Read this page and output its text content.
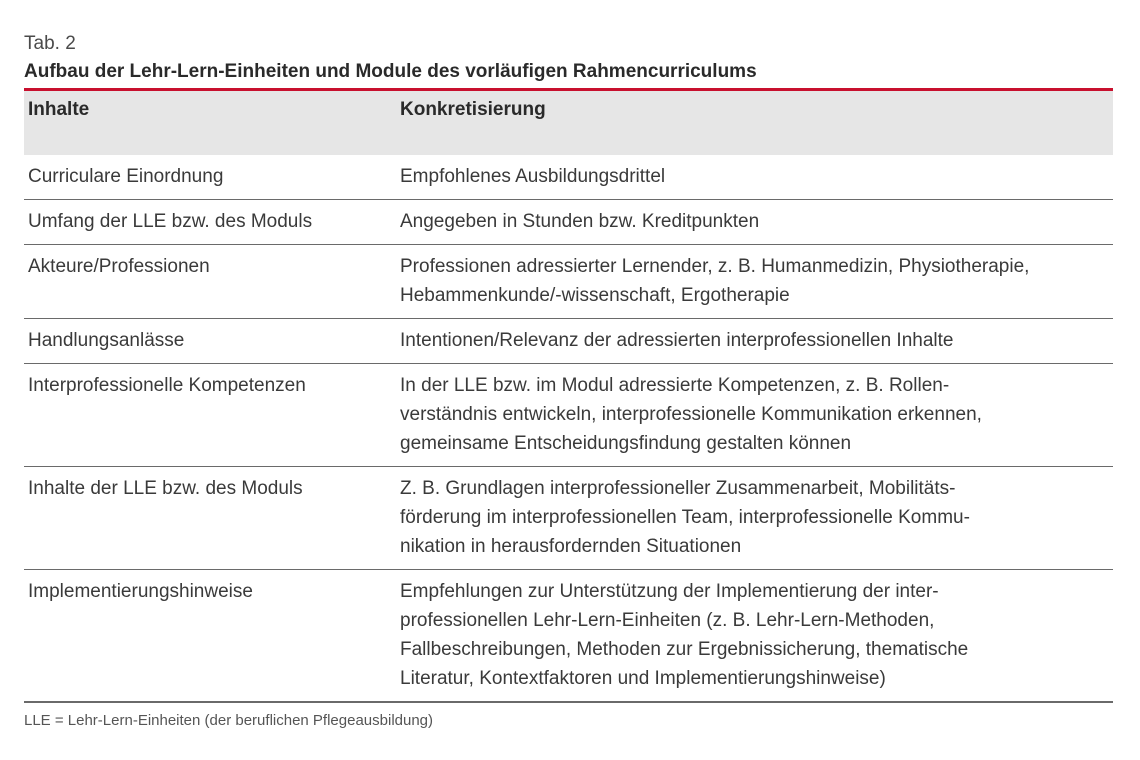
Tab. 2
Aufbau der Lehr-Lern-Einheiten und Module des vorläufigen Rahmencurriculums
Inhalte	Konkretisierung
Curriculare Einordnung	Empfohlenes Ausbildungsdrittel

Umfang der LLE bzw. des Moduls	Angegeben in Stunden bzw. Kreditpunkten

Akteure/Professionen	Professionen adressierter Lernender, z. B. Humanmedizin, Physiotherapie,
Hebammenkunde/-wissenschaft, Ergotherapie

Handlungsanlässe	Intentionen/Relevanz der adressierten interprofessionellen Inhalte

Interprofessionelle Kompetenzen	In der LLE bzw. im Modul adressierte Kompetenzen, z. B. Rollen-
verständnis entwickeln, interprofessionelle Kommunikation erkennen,
gemeinsame Entscheidungsfindung gestalten können

Inhalte der LLE bzw. des Moduls	Z. B. Grundlagen interprofessioneller Zusammenarbeit, Mobilitäts-
förderung im interprofessionellen Team, interprofessionelle Kommu-
nikation in herausfordernden Situationen

Implementierungshinweise	Empfehlungen zur Unterstützung der Implementierung der inter-
professionellen Lehr-Lern-Einheiten (z. B. Lehr-Lern-Methoden,
Fallbeschreibungen, Methoden zur Ergebnissicherung, thematische
Literatur, Kontextfaktoren und Implementierungshinweise)
LLE = Lehr-Lern-Einheiten (der beruflichen Pflegeausbildung)
